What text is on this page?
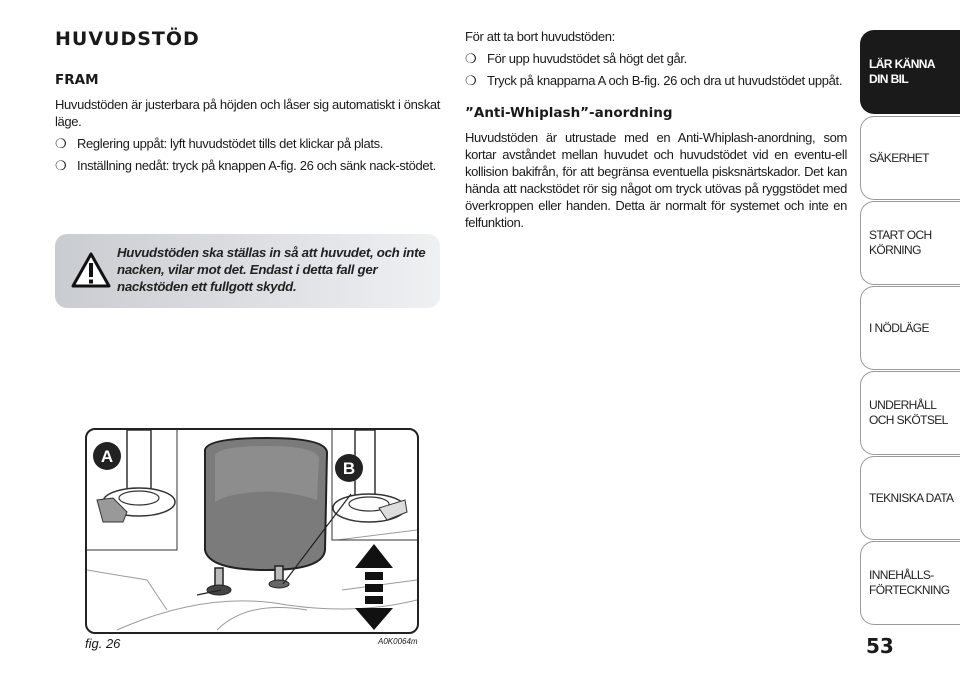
HUVUDSTÖD
FRAM

Huvudstöden är justerbara på höjden och låser sig automatiskt i önskat läge.

❍ Reglering uppåt: lyft huvudstödet tills det klickar på plats.
❍ Inställning nedåt: tryck på knappen A-fig. 26 och sänk nack-stödet.
Huvudstöden ska ställas in så att huvudet, och inte nacken, vilar mot det. Endast i detta fall ger nackstöden ett fullgott skydd.
A
B
fig. 26	A0K0064m

För att ta bort huvudstöden:

❍ För upp huvudstödet så högt det går.
❍ Tryck på knapparna A och B-fig. 26 och dra ut huvudstödet uppåt.
”Anti-Whiplash”-anordning

Huvudstöden är utrustade med en Anti-Whiplash-anordning, som kortar avståndet mellan huvudet och huvudstödet vid en eventu-ell kollision bakifrån, för att begränsa eventuella pisksnärtskador. Det kan hända att nackstödet rör sig något om tryck utövas på ryggstödet med överkroppen eller handen. Detta är normalt för systemet och inte en felfunktion.

53
LÄR KÄNNA
DIN BIL
SÄKERHET
START OCH
KÖRNING
I NÖDLÄGE
UNDERHÅLL
OCH SKÖTSEL
TEKNISKA DATA
INNEHÅLLS-
FÖRTECKNING
